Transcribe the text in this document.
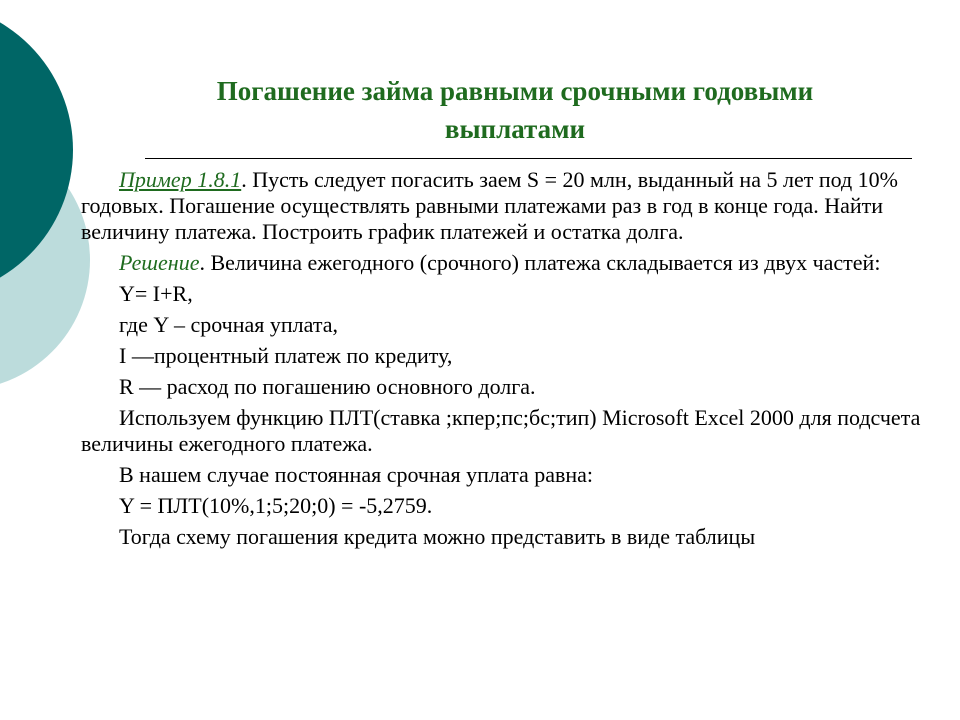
Погашение займа равными срочными годовыми
выплатами

Пример 1.8.1. Пусть следует погасить заем S = 20 млн, выданный на 5 лет под 10% годовых. Погашение осуществлять равными платежами раз в год в конце года. Найти величину платежа. Построить график платежей и остатка долга.

Решение. Величина ежегодного (срочного) платежа складывается из двух частей:

Y= I+R,

где Y – срочная уплата,

I —процентный платеж по кредиту,

R — расход по погашению основного долга.

Используем функцию ПЛТ(ставка ;кпер;пс;бс;тип) Microsoft Excel 2000 для подсчета величины ежегодного платежа.

В нашем случае постоянная срочная уплата равна:

Y = ПЛТ(10%,1;5;20;0) = -5,2759.

Тогда схему погашения кредита можно представить в виде таблицы
